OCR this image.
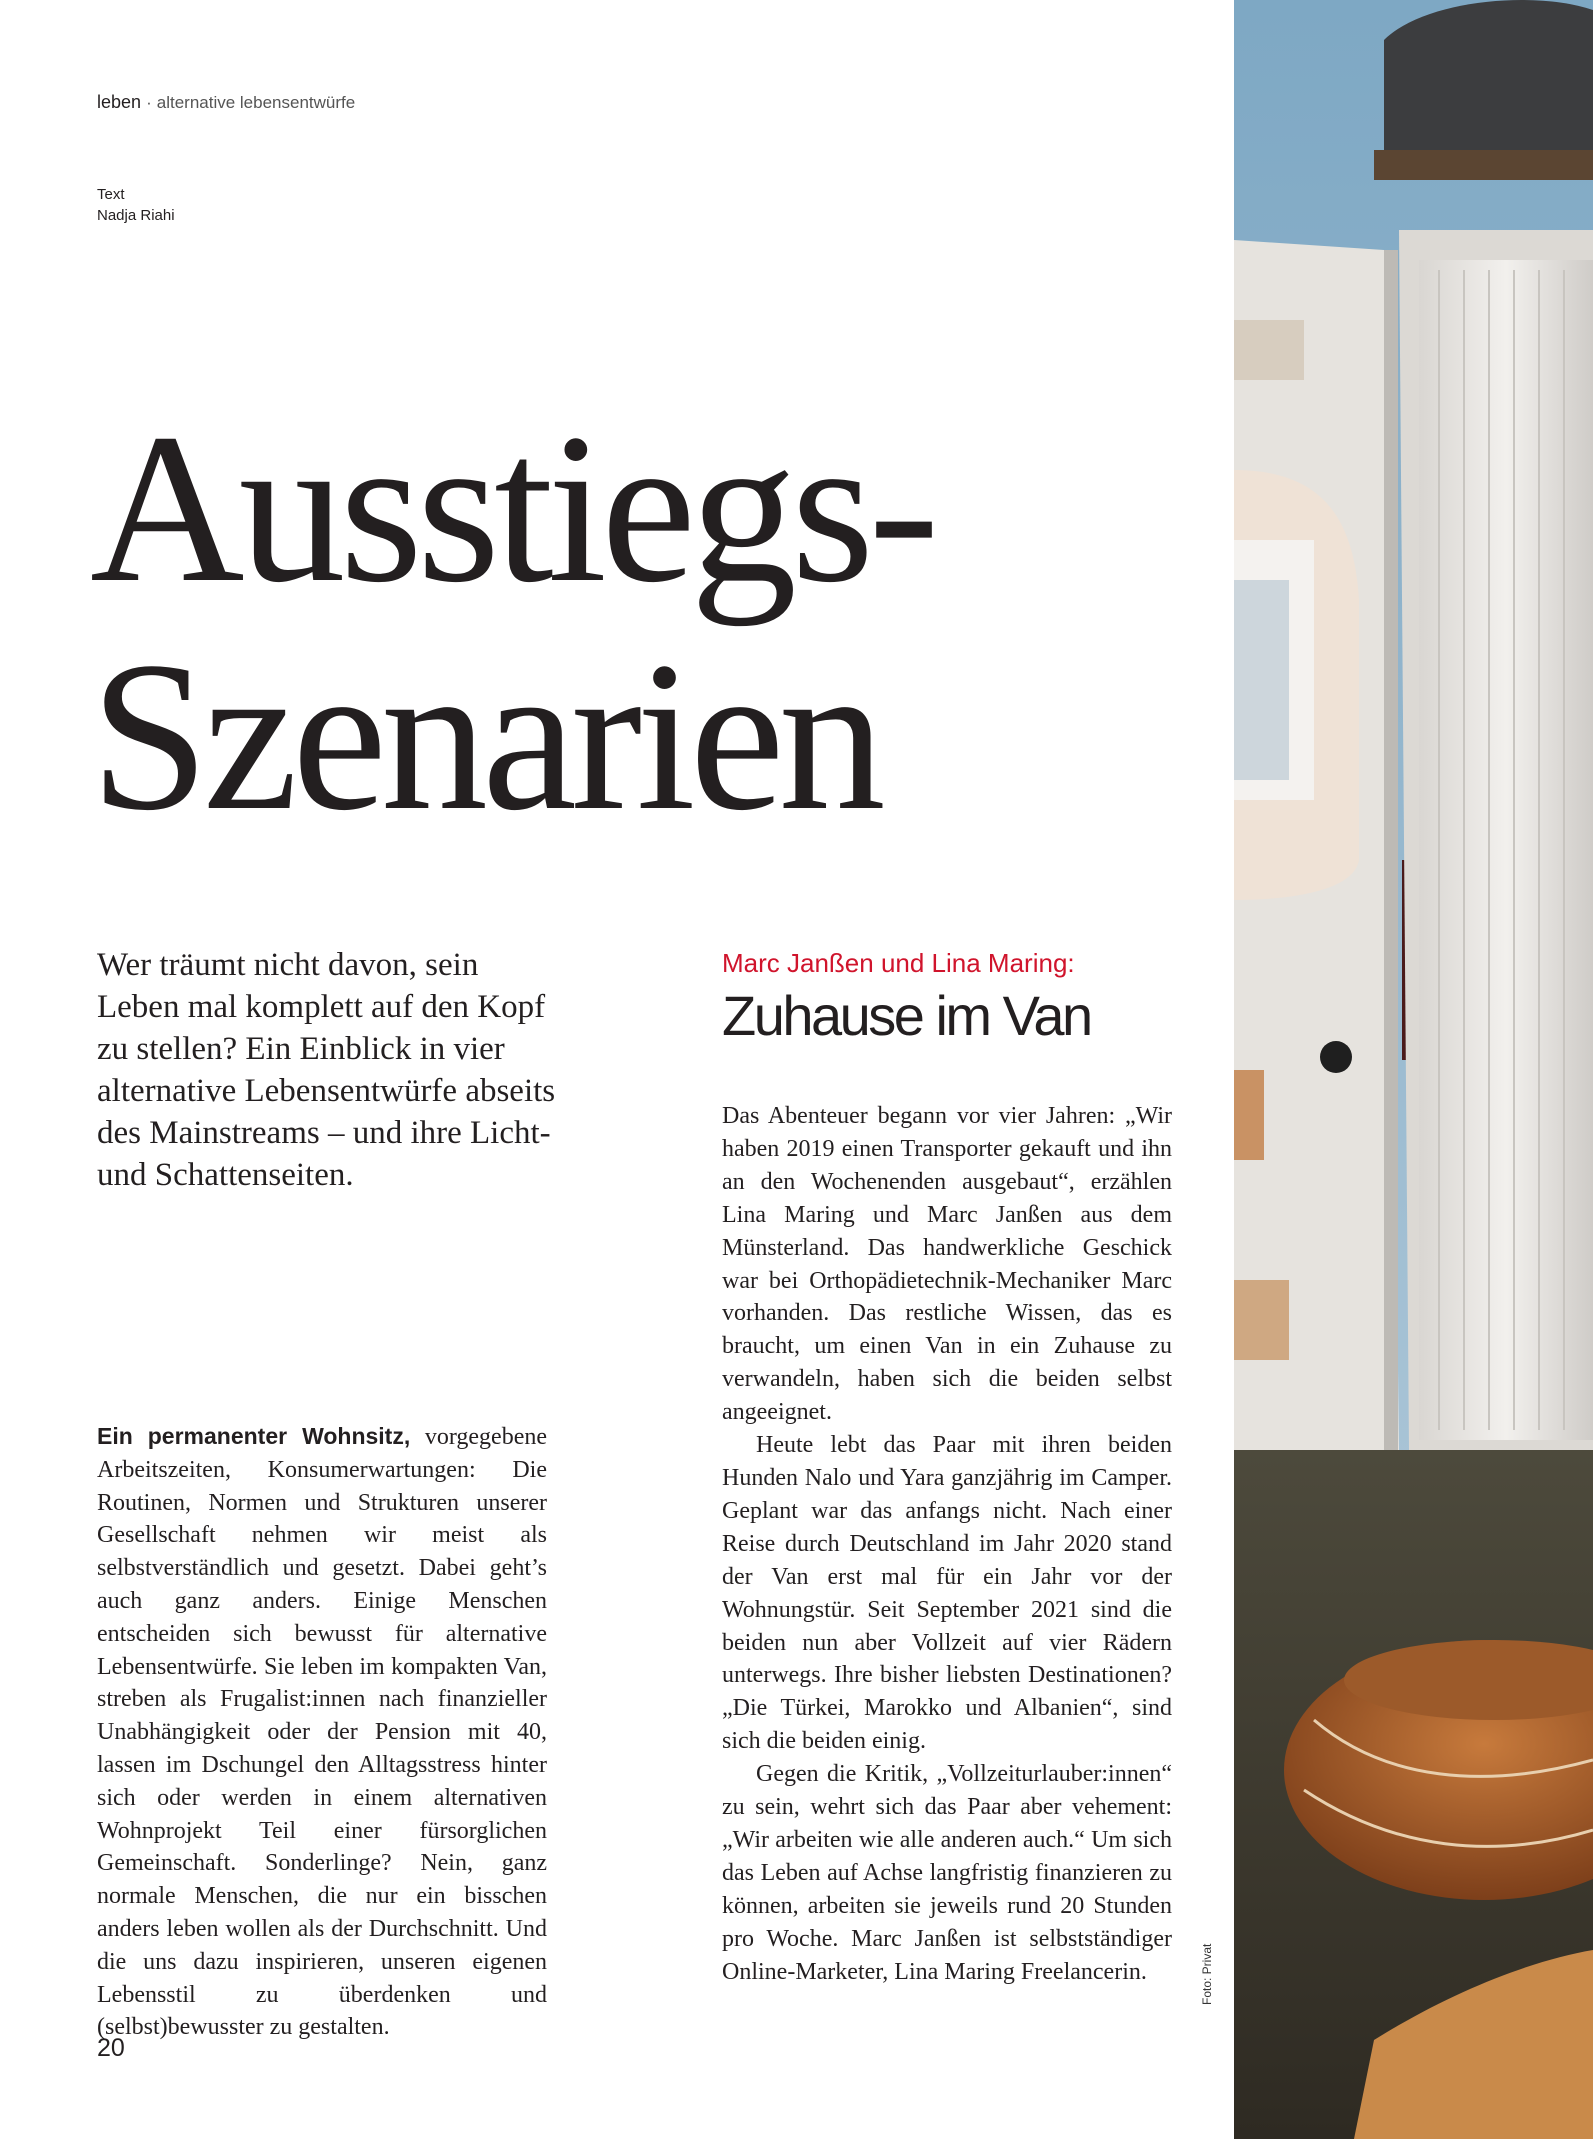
leben · alternative lebensentwürfe
Text
Nadja Riahi
Ausstiegs-
Szenarien

Wer träumt nicht davon, sein Leben mal komplett auf den Kopf zu stellen? Ein Einblick in vier alternative Lebensentwürfe abseits des Mainstreams – und ihre Licht- und Schattenseiten.

Ein permanenter Wohnsitz, vorgegebene Arbeitszeiten, Konsumerwartungen: Die Routinen, Normen und Strukturen unserer Gesellschaft nehmen wir meist als selbstverständlich und gesetzt. Dabei geht’s auch ganz anders. Einige Menschen entscheiden sich bewusst für alternative Lebensentwürfe. Sie leben im kompakten Van, streben als Frugalist:innen nach finanzieller Unabhängigkeit oder der Pension mit 40, lassen im Dschungel den Alltagsstress hinter sich oder werden in einem alternativen Wohnprojekt Teil einer fürsorglichen Gemeinschaft. Sonderlinge? Nein, ganz normale Menschen, die nur ein bisschen anders leben wollen als der Durchschnitt. Und die uns dazu inspirieren, unseren eigenen Lebensstil zu überdenken und (selbst)bewusster zu gestalten.

Marc Janßen und Lina Maring:

Zuhause im Van

Das Abenteuer begann vor vier Jahren: „Wir haben 2019 einen Transporter gekauft und ihn an den Wochenenden ausgebaut“, erzählen Lina Maring und Marc Janßen aus dem Münsterland. Das handwerkliche Geschick war bei Orthopädietechnik-Mechaniker Marc vorhanden. Das restliche Wissen, das es braucht, um einen Van in ein Zuhause zu verwandeln, haben sich die beiden selbst angeeignet.

Heute lebt das Paar mit ihren beiden Hunden Nalo und Yara ganzjährig im Camper. Geplant war das anfangs nicht. Nach einer Reise durch Deutschland im Jahr 2020 stand der Van erst mal für ein Jahr vor der Wohnungstür. Seit September 2021 sind die beiden nun aber Vollzeit auf vier Rädern unterwegs. Ihre bisher liebsten Destinationen? „Die Türkei, Marokko und Albanien“, sind sich die beiden einig.

Gegen die Kritik, „Vollzeiturlauber:innen“ zu sein, wehrt sich das Paar aber vehement: „Wir arbeiten wie alle anderen auch.“ Um sich das Leben auf Achse langfristig finanzieren zu können, arbeiten sie jeweils rund 20 Stunden pro Woche. Marc Janßen ist selbstständiger Online-Marketer, Lina Maring Freelancerin.

20
Foto: Privat
